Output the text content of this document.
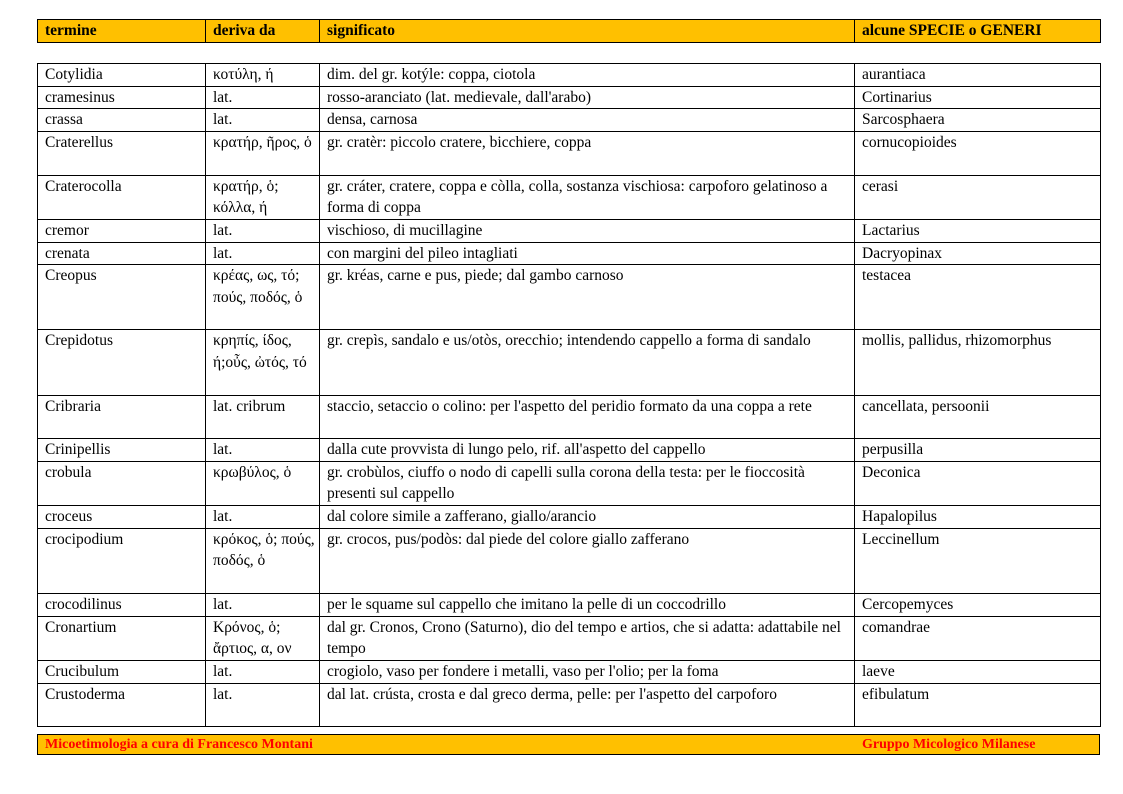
termine	deriva da	significato	alcune SPECIE o GENERI
Cotylidia	κοτύλη, ή	dim. del gr. kotýle: coppa, ciotola	aurantiaca
cramesinus	lat.	rosso-aranciato (lat. medievale, dall'arabo)	Cortinarius
crassa	lat.	densa, carnosa	Sarcosphaera
Craterellus	κρατήρ, ῆρος, ὁ	gr. cratèr: piccolo cratere, bicchiere, coppa	cornucopioides
Craterocolla	κρατήρ, ὁ; κόλλα, ή	gr. cráter, cratere, coppa e còlla, colla, sostanza vischiosa: carpoforo gelatinoso a forma di coppa	cerasi
cremor	lat.	vischioso, di mucillagine	Lactarius
crenata	lat.	con margini del pileo intagliati	Dacryopinax
Creopus	κρέας, ως, τό; πούς, ποδός, ὁ	gr. kréas, carne e pus, piede; dal gambo carnoso	testacea
Crepidotus	κρηπίς, ίδος, ή;οὖς, ὠτός, τό	gr. crepìs, sandalo e us/otòs, orecchio; intendendo cappello a forma di sandalo	mollis, pallidus, rhizomorphus
Cribraria	lat. cribrum	staccio, setaccio o colino: per l'aspetto del peridio formato da una coppa a rete	cancellata, persoonii
Crinipellis	lat.	dalla cute provvista di lungo pelo, rif. all'aspetto del cappello	perpusilla
crobula	κρωβύλος, ὁ	gr. crobùlos, ciuffo o nodo di capelli sulla corona della testa: per le fioccosità presenti sul cappello	Deconica
croceus	lat.	dal colore simile a zafferano, giallo/arancio	Hapalopilus
crocipodium	κρόκος, ὁ; πούς, ποδός, ὁ	gr. crocos, pus/podòs: dal piede del colore giallo zafferano	Leccinellum
crocodilinus	lat.	per le squame sul cappello che imitano la pelle di un coccodrillo	Cercopemyces
Cronartium	Κρόνος, ὁ; ἄρτιος, α, ον	dal gr. Cronos, Crono (Saturno), dio del tempo e artios, che si adatta: adattabile nel tempo	comandrae
Crucibulum	lat.	crogiolo, vaso per fondere i metalli, vaso per l'olio; per la foma	laeve
Crustoderma	lat.	dal lat. crústa, crosta e dal greco derma, pelle: per l'aspetto del carpoforo	efibulatum
Micoetimologia a cura di Francesco Montani	Gruppo Micologico Milanese
